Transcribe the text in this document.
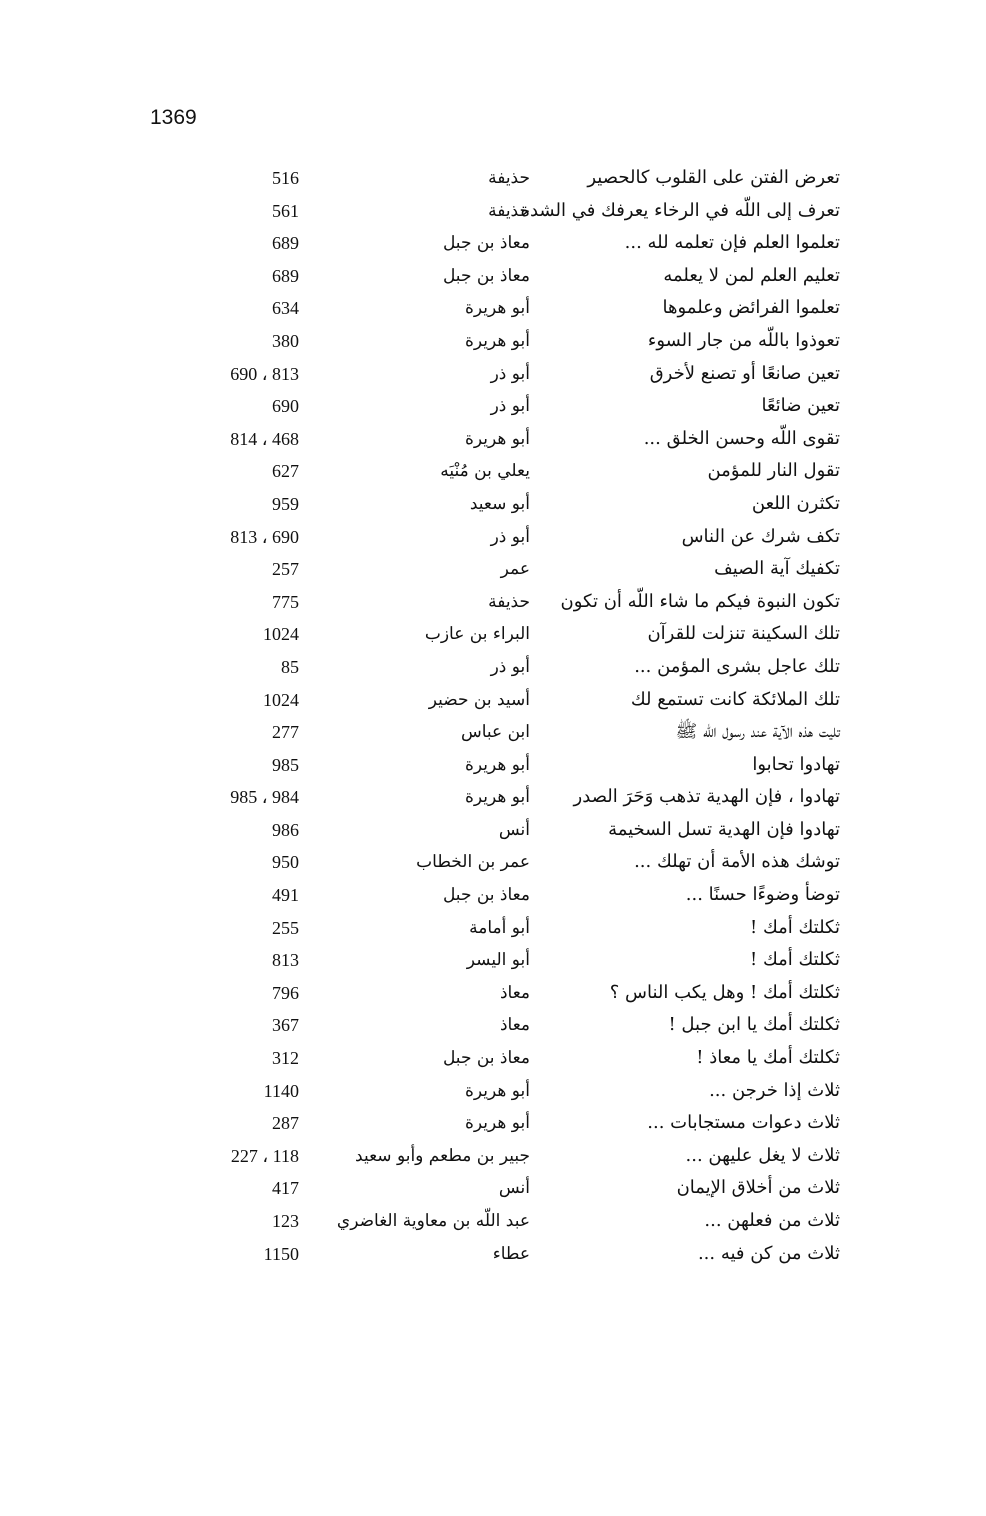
1369
تعرض الفتن على القلوب كالحصير
حذيفة
516
تعرف إلى اللّه في الرخاء يعرفك في الشدة
حذيفة
561
تعلموا العلم فإن تعلمه لله ...
معاذ بن جبل
689
تعليم العلم لمن لا يعلمه
معاذ بن جبل
689
تعلموا الفرائض وعلموها
أبو هريرة
634
تعوذوا باللّه من جار السوء
أبو هريرة
380
تعين صانعًا أو تصنع لأخرق
أبو ذر
813 ، 690
تعين ضائعًا
أبو ذر
690
تقوى اللّه وحسن الخلق ...
أبو هريرة
468 ، 814
تقول النار للمؤمن
يعلي بن مُنْيَه
627
تكثرن اللعن
أبو سعيد
959
تكف شرك عن الناس
أبو ذر
690 ، 813
تكفيك آية الصيف
عمر
257
تكون النبوة فيكم ما شاء اللّه أن تكون
حذيفة
775
تلك السكينة تنزلت للقرآن
البراء بن عازب
1024
تلك عاجل بشرى المؤمن ...
أبو ذر
85
تلك الملائكة كانت تستمع لك
أسيد بن حضير
1024
تليت هذه الآية عند رسول اللّه ﷺ
ابن عباس
277
تهادوا تحابوا
أبو هريرة
985
تهادوا ، فإن الهدية تذهب وَحَرَ الصدر
أبو هريرة
984 ، 985
تهادوا فإن الهدية تسل السخيمة
أنس
986
توشك هذه الأمة أن تهلك ...
عمر بن الخطاب
950
توضأ وضوءًا حسنًا ...
معاذ بن جبل
491
ثكلتك أمك !
أبو أمامة
255
ثكلتك أمك !
أبو اليسر
813
ثكلتك أمك ! وهل يكب الناس ؟
معاذ
796
ثكلتك أمك يا ابن جبل !
معاذ
367
ثكلتك أمك يا معاذ !
معاذ بن جبل
312
ثلاث إذا خرجن ...
أبو هريرة
1140
ثلاث دعوات مستجابات ...
أبو هريرة
287
ثلاث لا يغل عليهن ...
جبير بن مطعم وأبو سعيد
118 ، 227
ثلاث من أخلاق الإيمان
أنس
417
ثلاث من فعلهن ...
عبد اللّه بن معاوية الغاضري
123
ثلاث من كن فيه ...
عطاء
1150
